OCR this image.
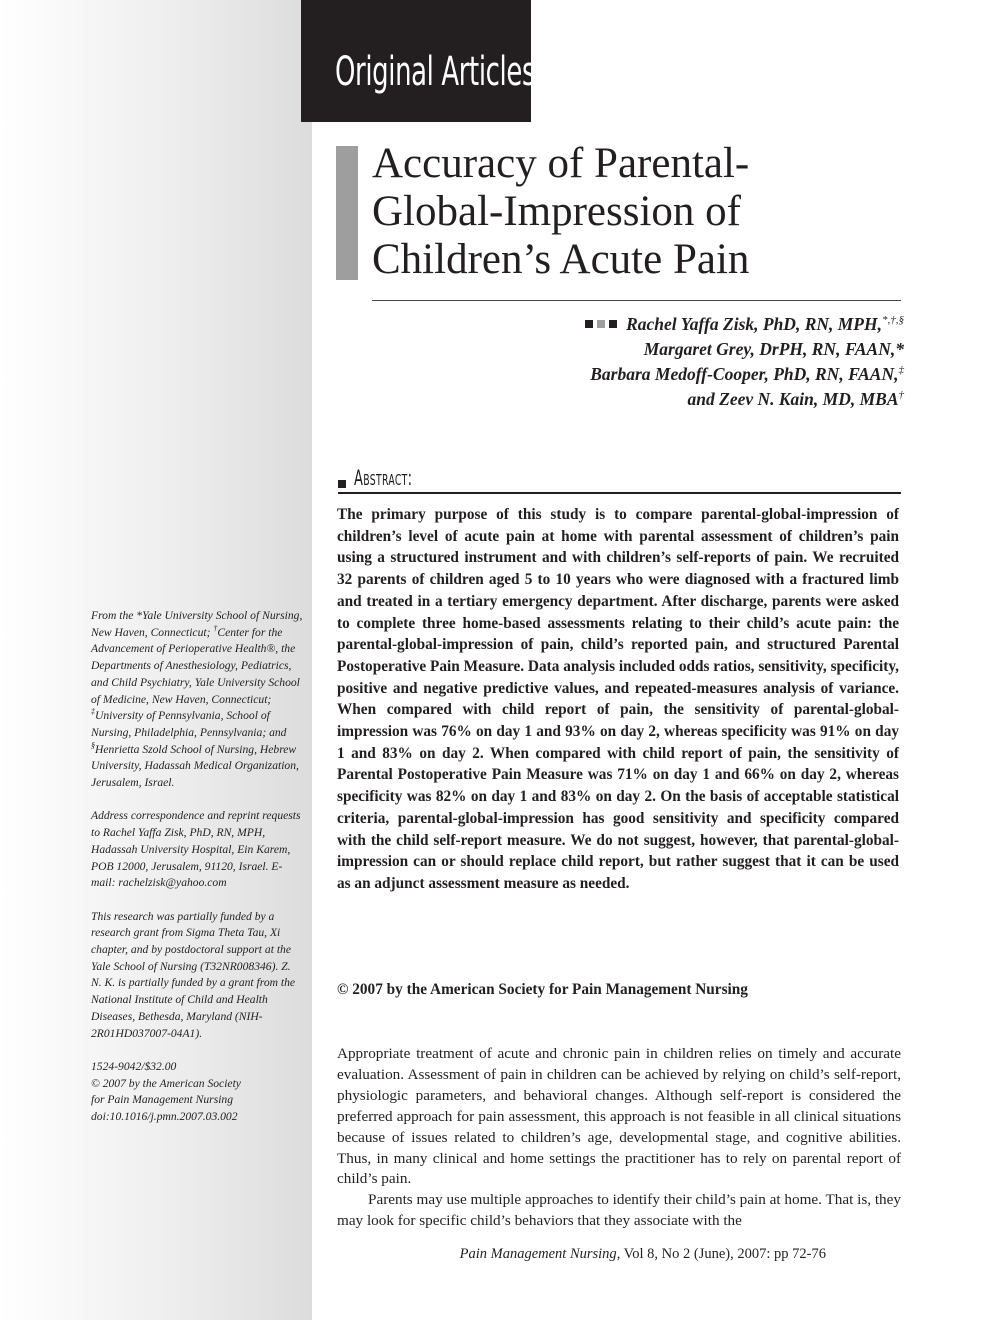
Original Articles
Accuracy of Parental-
Global-Impression of
Children’s Acute Pain
Rachel Yaffa Zisk, PhD, RN, MPH,*,†,§
Margaret Grey, DrPH, RN, FAAN,*
Barbara Medoff-Cooper, PhD, RN, FAAN,‡
and Zeev N. Kain, MD, MBA†
Abstract:

The primary purpose of this study is to compare parental-global-impression of children’s level of acute pain at home with parental assessment of children’s pain using a structured instrument and with children’s self-reports of pain. We recruited 32 parents of children aged 5 to 10 years who were diagnosed with a fractured limb and treated in a tertiary emergency department. After discharge, parents were asked to complete three home-based assessments relating to their child’s acute pain: the parental-global-impression of pain, child’s reported pain, and structured Parental Postoperative Pain Measure. Data analysis included odds ratios, sensitivity, specificity, positive and negative predictive values, and repeated-measures analysis of variance. When compared with child report of pain, the sensitivity of parental-global-impression was 76% on day 1 and 93% on day 2, whereas specificity was 91% on day 1 and 83% on day 2. When compared with child report of pain, the sensitivity of Parental Postoperative Pain Measure was 71% on day 1 and 66% on day 2, whereas specificity was 82% on day 1 and 83% on day 2. On the basis of acceptable statistical criteria, parental-global-impression has good sensitivity and specificity compared with the child self-report measure. We do not suggest, however, that parental-global-impression can or should replace child report, but rather suggest that it can be used as an adjunct assessment measure as needed.

© 2007 by the American Society for Pain Management Nursing

Appropriate treatment of acute and chronic pain in children relies on timely and accurate evaluation. Assessment of pain in children can be achieved by relying on child’s self-report, physiologic parameters, and behavioral changes. Although self-report is considered the preferred approach for pain assessment, this approach is not feasible in all clinical situations because of issues related to children’s age, developmental stage, and cognitive abilities. Thus, in many clinical and home settings the practitioner has to rely on parental report of child’s pain.

Parents may use multiple approaches to identify their child’s pain at home. That is, they may look for specific child’s behaviors that they associate with the

From the *Yale University School of Nursing, New Haven, Connecticut; †Center for the Advancement of Perioperative Health®, the Departments of Anesthesiology, Pediatrics, and Child Psychiatry, Yale University School of Medicine, New Haven, Connecticut; ‡University of Pennsylvania, School of Nursing, Philadelphia, Pennsylvania; and §Henrietta Szold School of Nursing, Hebrew University, Hadassah Medical Organization, Jerusalem, Israel.

Address correspondence and reprint requests to Rachel Yaffa Zisk, PhD, RN, MPH, Hadassah University Hospital, Ein Karem, POB 12000, Jerusalem, 91120, Israel. E-mail: rachelzisk@yahoo.com

This research was partially funded by a research grant from Sigma Theta Tau, Xi chapter, and by postdoctoral support at the Yale School of Nursing (T32NR008346). Z. N. K. is partially funded by a grant from the National Institute of Child and Health Diseases, Bethesda, Maryland (NIH-2R01HD037007-04A1).

1524-9042/$32.00
© 2007 by the American Society
for Pain Management Nursing
doi:10.1016/j.pmn.2007.03.002
Pain Management Nursing, Vol 8, No 2 (June), 2007: pp 72-76
